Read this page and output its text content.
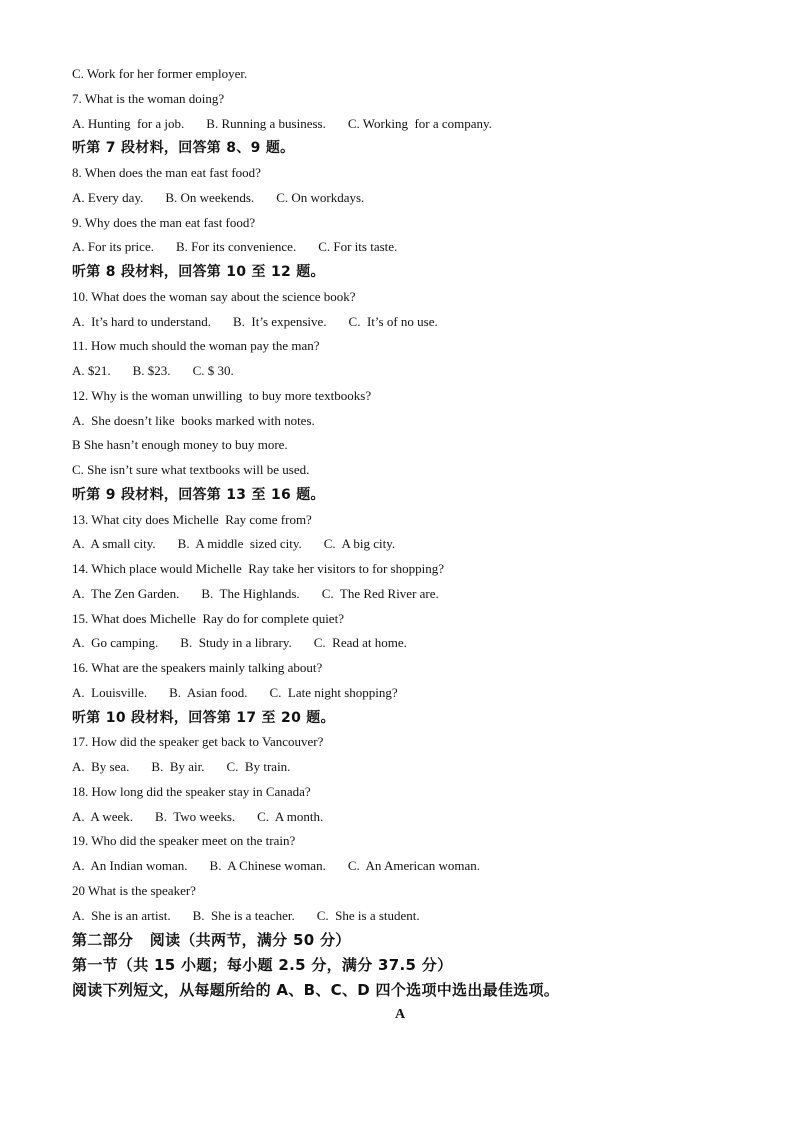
C. Work for her former employer.
7. What is the woman doing?
A. Hunting  for a job. B. Running a business. C. Working  for a company.
听第 7 段材料，回答第 8、9 题。
8. When does the man eat fast food?
A. Every day. B. On weekends. C. On workdays.
9. Why does the man eat fast food?
A. For its price. B. For its convenience. C. For its taste.
听第 8 段材料，回答第 10 至 12 题。
10. What does the woman say about the science book?
A.  It’s hard to understand. B.  It’s expensive. C.  It’s of no use.
11. How much should the woman pay the man?
A. $21. B. $23. C. $ 30.
12. Why is the woman unwilling  to buy more textbooks?
A.  She doesn’t like  books marked with notes.
B She hasn’t enough money to buy more.
C. She isn’t sure what textbooks will be used.
听第 9 段材料，回答第 13 至 16 题。
13. What city does Michelle  Ray come from?
A.  A small city. B.  A middle  sized city. C.  A big city.
14. Which place would Michelle  Ray take her visitors to for shopping?
A.  The Zen Garden. B.  The Highlands. C.  The Red River are.
15. What does Michelle  Ray do for complete quiet?
A.  Go camping. B.  Study in a library. C.  Read at home.
16. What are the speakers mainly talking about?
A.  Louisville. B.  Asian food. C.  Late night shopping?
听第 10 段材料，回答第 17 至 20 题。
17. How did the speaker get back to Vancouver?
A.  By sea. B.  By air. C.  By train.
18. How long did the speaker stay in Canada?
A.  A week. B.  Two weeks. C.  A month.
19. Who did the speaker meet on the train?
A.  An Indian woman. B.  A Chinese woman. C.  An American woman.
20 What is the speaker?
A.  She is an artist. B.  She is a teacher. C.  She is a student.
第二部分   阅读（共两节，满分 50 分）
第一节（共 15 小题；每小题 2.5 分，满分 37.5 分）
阅读下列短文，从每题所给的 A、B、C、D 四个选项中选出最佳选项。
A
